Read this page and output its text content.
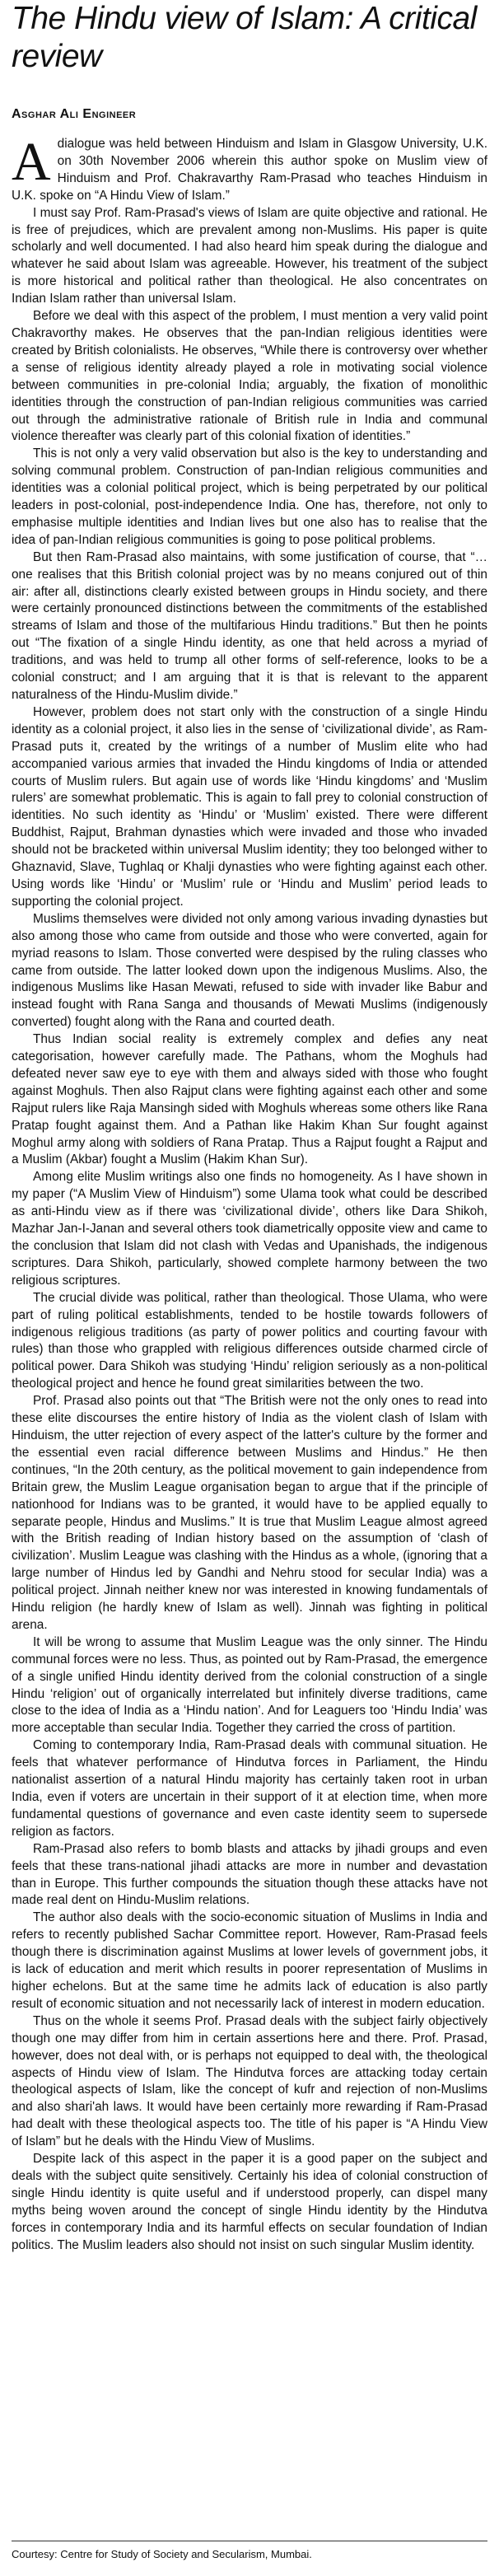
The Hindu view of Islam: A critical review
Asghar Ali Engineer

A dialogue was held between Hinduism and Islam in Glasgow University, U.K. on 30th November 2006 wherein this author spoke on Muslim view of Hinduism and Prof. Chakravarthy Ram-Prasad who teaches Hinduism in U.K. spoke on “A Hindu View of Islam.”

I must say Prof. Ram-Prasad's views of Islam are quite objective and rational. He is free of prejudices, which are prevalent among non-Muslims. His paper is quite scholarly and well documented. I had also heard him speak during the dialogue and whatever he said about Islam was agreeable. However, his treatment of the subject is more historical and political rather than theological. He also concentrates on Indian Islam rather than universal Islam.

Before we deal with this aspect of the problem, I must mention a very valid point Chakravorthy makes. He observes that the pan-Indian religious identities were created by British colonialists. He observes, “While there is controversy over whether a sense of religious identity already played a role in motivating social violence between communities in pre-colonial India; arguably, the fixation of monolithic identities through the construction of pan-Indian religious communities was carried out through the administrative rationale of British rule in India and communal violence thereafter was clearly part of this colonial fixation of identities.”

This is not only a very valid observation but also is the key to understanding and solving communal problem. Construction of pan-Indian religious communities and identities was a colonial political project, which is being perpetrated by our political leaders in post-colonial, post-independence India. One has, therefore, not only to emphasise multiple identities and Indian lives but one also has to realise that the idea of pan-Indian religious communities is going to pose political problems.

But then Ram-Prasad also maintains, with some justification of course, that “…one realises that this British colonial project was by no means conjured out of thin air: after all, distinctions clearly existed between groups in Hindu society, and there were certainly pronounced distinctions between the commitments of the established streams of Islam and those of the multifarious Hindu traditions.” But then he points out “The fixation of a single Hindu identity, as one that held across a myriad of traditions, and was held to trump all other forms of self-reference, looks to be a colonial construct; and I am arguing that it is that is relevant to the apparent naturalness of the Hindu-Muslim divide.”

However, problem does not start only with the construction of a single Hindu identity as a colonial project, it also lies in the sense of ‘civilizational divide’, as Ram-Prasad puts it, created by the writings of a number of Muslim elite who had accompanied various armies that invaded the Hindu kingdoms of India or attended courts of Muslim rulers. But again use of words like ‘Hindu kingdoms’ and ‘Muslim rulers’ are somewhat problematic. This is again to fall prey to colonial construction of identities. No such identity as ‘Hindu’ or ‘Muslim’ existed. There were different Buddhist, Rajput, Brahman dynasties which were invaded and those who invaded should not be bracketed within universal Muslim identity; they too belonged wither to Ghaznavid, Slave, Tughlaq or Khalji dynasties who were fighting against each other. Using words like ‘Hindu’ or ‘Muslim’ rule or ‘Hindu and Muslim’ period leads to supporting the colonial project.

Muslims themselves were divided not only among various invading dynasties but also among those who came from outside and those who were converted, again for myriad reasons to Islam. Those converted were despised by the ruling classes who came from outside. The latter looked down upon the indigenous Muslims. Also, the indigenous Muslims like Hasan Mewati, refused to side with invader like Babur and instead fought with Rana Sanga and thousands of Mewati Muslims (indigenously converted) fought along with the Rana and courted death.

Thus Indian social reality is extremely complex and defies any neat categorisation, however carefully made. The Pathans, whom the Moghuls had defeated never saw eye to eye with them and always sided with those who fought against Moghuls. Then also Rajput clans were fighting against each other and some Rajput rulers like Raja Mansingh sided with Moghuls whereas some others like Rana Pratap fought against them. And a Pathan like Hakim Khan Sur fought against Moghul army along with soldiers of Rana Pratap. Thus a Rajput fought a Rajput and a Muslim (Akbar) fought a Muslim (Hakim Khan Sur).

Among elite Muslim writings also one finds no homogeneity. As I have shown in my paper (“A Muslim View of Hinduism”) some Ulama took what could be described as anti-Hindu view as if there was ‘civilizational divide’, others like Dara Shikoh, Mazhar Jan-I-Janan and several others took diametrically opposite view and came to the conclusion that Islam did not clash with Vedas and Upanishads, the indigenous scriptures. Dara Shikoh, particularly, showed complete harmony between the two religious scriptures.

The crucial divide was political, rather than theological. Those Ulama, who were part of ruling political establishments, tended to be hostile towards followers of indigenous religious traditions (as party of power politics and courting favour with rules) than those who grappled with religious differences outside charmed circle of political power. Dara Shikoh was studying ‘Hindu’ religion seriously as a non-political theological project and hence he found great similarities between the two.

Prof. Prasad also points out that “The British were not the only ones to read into these elite discourses the entire history of India as the violent clash of Islam with Hinduism, the utter rejection of every aspect of the latter's culture by the former and the essential even racial difference between Muslims and Hindus.” He then continues, “In the 20th century, as the political movement to gain independence from Britain grew, the Muslim League organisation began to argue that if the principle of nationhood for Indians was to be granted, it would have to be applied equally to separate people, Hindus and Muslims.” It is true that Muslim League almost agreed with the British reading of Indian history based on the assumption of ‘clash of civilization’. Muslim League was clashing with the Hindus as a whole, (ignoring that a large number of Hindus led by Gandhi and Nehru stood for secular India) was a political project. Jinnah neither knew nor was interested in knowing fundamentals of Hindu religion (he hardly knew of Islam as well). Jinnah was fighting in political arena.

It will be wrong to assume that Muslim League was the only sinner. The Hindu communal forces were no less. Thus, as pointed out by Ram-Prasad, the emergence of a single unified Hindu identity derived from the colonial construction of a single Hindu ‘religion’ out of organically interrelated but infinitely diverse traditions, came close to the idea of India as a ‘Hindu nation’. And for Leaguers too ‘Hindu India’ was more acceptable than secular India. Together they carried the cross of partition.

Coming to contemporary India, Ram-Prasad deals with communal situation. He feels that whatever performance of Hindutva forces in Parliament, the Hindu nationalist assertion of a natural Hindu majority has certainly taken root in urban India, even if voters are uncertain in their support of it at election time, when more fundamental questions of governance and even caste identity seem to supersede religion as factors.

Ram-Prasad also refers to bomb blasts and attacks by jihadi groups and even feels that these trans-national jihadi attacks are more in number and devastation than in Europe. This further compounds the situation though these attacks have not made real dent on Hindu-Muslim relations.

The author also deals with the socio-economic situation of Muslims in India and refers to recently published Sachar Committee report. However, Ram-Prasad feels though there is discrimination against Muslims at lower levels of government jobs, it is lack of education and merit which results in poorer representation of Muslims in higher echelons. But at the same time he admits lack of education is also partly result of economic situation and not necessarily lack of interest in modern education.

Thus on the whole it seems Prof. Prasad deals with the subject fairly objectively though one may differ from him in certain assertions here and there. Prof. Prasad, however, does not deal with, or is perhaps not equipped to deal with, the theological aspects of Hindu view of Islam. The Hindutva forces are attacking today certain theological aspects of Islam, like the concept of kufr and rejection of non-Muslims and also shari'ah laws. It would have been certainly more rewarding if Ram-Prasad had dealt with these theological aspects too. The title of his paper is “A Hindu View of Islam” but he deals with the Hindu View of Muslims.

Despite lack of this aspect in the paper it is a good paper on the subject and deals with the subject quite sensitively. Certainly his idea of colonial construction of single Hindu identity is quite useful and if understood properly, can dispel many myths being woven around the concept of single Hindu identity by the Hindutva forces in contemporary India and its harmful effects on secular foundation of Indian politics. The Muslim leaders also should not insist on such singular Muslim identity.

Courtesy: Centre for Study of Society and Secularism, Mumbai.
